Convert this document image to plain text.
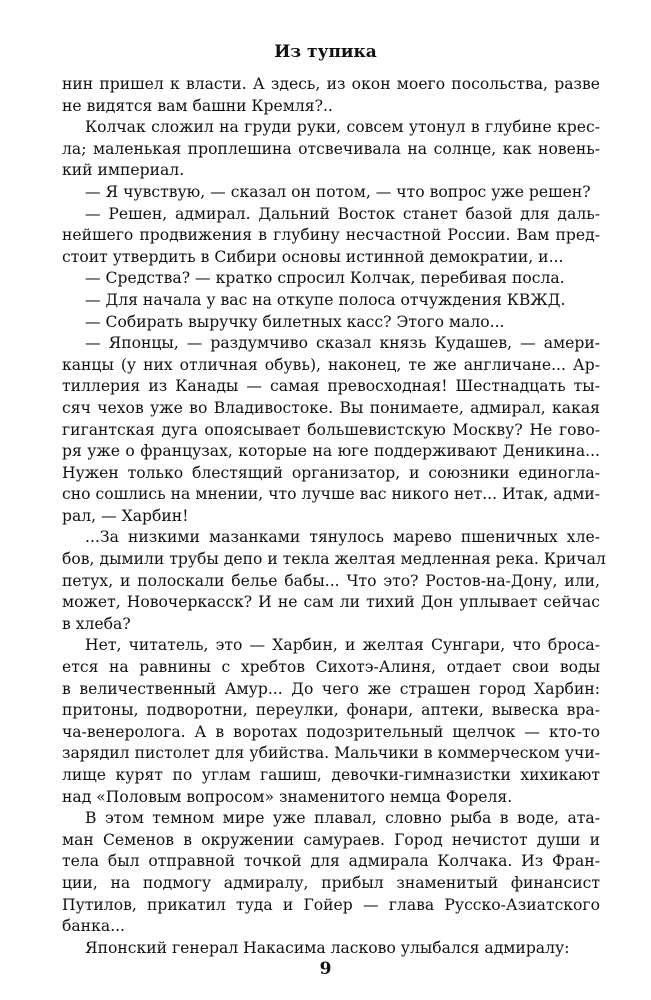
Из тупика
нин пришел к власти. А здесь, из окон моего посольства, разве
не видятся вам башни Кремля?..
Колчак сложил на груди руки, совсем утонул в глубине крес-
ла; маленькая проплешина отсвечивала на солнце, как новень-
кий империал.
— Я чувствую, — сказал он потом, — что вопрос уже решен?
— Решен, адмирал. Дальний Восток станет базой для даль-
нейшего продвижения в глубину несчастной России. Вам пред-
стоит утвердить в Сибири основы истинной демократии, и...
— Средства? — кратко спросил Колчак, перебивая посла.
— Для начала у вас на откупе полоса отчуждения КВЖД.
— Собирать выручку билетных касс? Этого мало...
— Японцы, — раздумчиво сказал князь Кудашев, — амери-
канцы (у них отличная обувь), наконец, те же англичане... Ар-
тиллерия из Канады — самая превосходная! Шестнадцать ты-
сяч чехов уже во Владивостоке. Вы понимаете, адмирал, какая
гигантская дуга опоясывает большевистскую Москву? Не гово-
ря уже о французах, которые на юге поддерживают Деникина...
Нужен только блестящий организатор, и союзники единогла-
сно сошлись на мнении, что лучше вас никого нет... Итак, адми-
рал, — Харбин!
...За низкими мазанками тянулось марево пшеничных хле-
бов, дымили трубы депо и текла желтая медленная река. Кричал
петух, и полоскали белье бабы... Что это? Ростов-на-Дону, или,
может, Новочеркасск? И не сам ли тихий Дон уплывает сейчас
в хлеба?
Нет, читатель, это — Харбин, и желтая Сунгари, что броса-
ется на равнины с хребтов Сихотэ-Алиня, отдает свои воды
в величественный Амур... До чего же страшен город Харбин:
притоны, подворотни, переулки, фонари, аптеки, вывеска вра-
ча-венеролога. А в воротах подозрительный щелчок — кто-то
зарядил пистолет для убийства. Мальчики в коммерческом учи-
лище курят по углам гашиш, девочки-гимназистки хихикают
над «Половым вопросом» знаменитого немца Фореля.
В этом темном мире уже плавал, словно рыба в воде, ата-
ман Семенов в окружении самураев. Город нечистот души и
тела был отправной точкой для адмирала Колчака. Из Фран-
ции, на подмогу адмиралу, прибыл знаменитый финансист
Путилов, прикатил туда и Гойер — глава Русско-Азиатского
банка...
Японский генерал Накасима ласково улыбался адмиралу:
9
